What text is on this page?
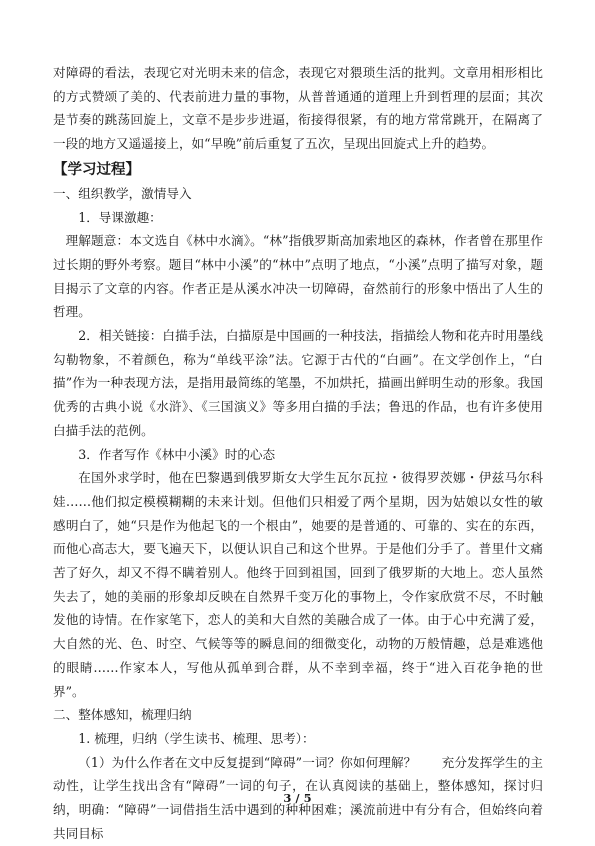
对障碍的看法，表现它对光明未来的信念，表现它对猥琐生活的批判。文章用相形相比的方式赞颂了美的、代表前进力量的事物，从普普通通的道理上升到哲理的层面；其次是节奏的跳荡回旋上，文章不是步步进逼，衔接得很紧，有的地方常常跳开，在隔离了一段的地方又遥遥接上，如“早晚”前后重复了五次，呈现出回旋式上升的趋势。

【学习过程】

一、组织教学，激情导入

1．导课激趣：

理解题意：本文选自《林中水滴》。“林”指俄罗斯高加索地区的森林，作者曾在那里作过长期的野外考察。题目“林中小溪”的“林中”点明了地点，“小溪”点明了描写对象，题目揭示了文章的内容。作者正是从溪水冲决一切障碍，奋然前行的形象中悟出了人生的哲理。

2．相关链接：白描手法，白描原是中国画的一种技法，指描绘人物和花卉时用墨线勾勒物象，不着颜色，称为“单线平涂”法。它源于古代的“白画”。在文学创作上，“白描”作为一种表现方法，是指用最简练的笔墨，不加烘托，描画出鲜明生动的形象。我国优秀的古典小说《水浒》、《三国演义》等多用白描的手法；鲁迅的作品，也有许多使用白描手法的范例。

3．作者写作《林中小溪》时的心态

在国外求学时，他在巴黎遇到俄罗斯女大学生瓦尔瓦拉・彼得罗茨娜・伊兹马尔科娃……他们拟定模模糊糊的未来计划。但他们只相爱了两个星期，因为姑娘以女性的敏感明白了，她“只是作为他起飞的一个根由”，她要的是普通的、可靠的、实在的东西，而他心高志大，要飞遍天下，以便认识自己和这个世界。于是他们分手了。普里什文痛苦了好久，却又不得不瞒着别人。他终于回到祖国，回到了俄罗斯的大地上。恋人虽然失去了，她的美丽的形象却反映在自然界千变万化的事物上，令作家欣赏不尽，不时触发他的诗情。在作家笔下，恋人的美和大自然的美融合成了一体。由于心中充满了爱，大自然的光、色、时空、气候等等的瞬息间的细微变化，动物的万般情趣，总是难逃他的眼睛……作家本人，写他从孤单到合群，从不幸到幸福，终于“进入百花争艳的世界”。

二、整体感知，梳理归纳

1. 梳理，归纳（学生读书、梳理、思考）：

（1）为什么作者在文中反复提到“障碍”一词？你如何理解？　　充分发挥学生的主动性，让学生找出含有“障碍”一词的句子，在认真阅读的基础上，整体感知，探讨归纳，明确：“障碍”一词借指生活中遇到的种种困难；溪流前进中有分有合，但始终向着共同目标

3 / 5
